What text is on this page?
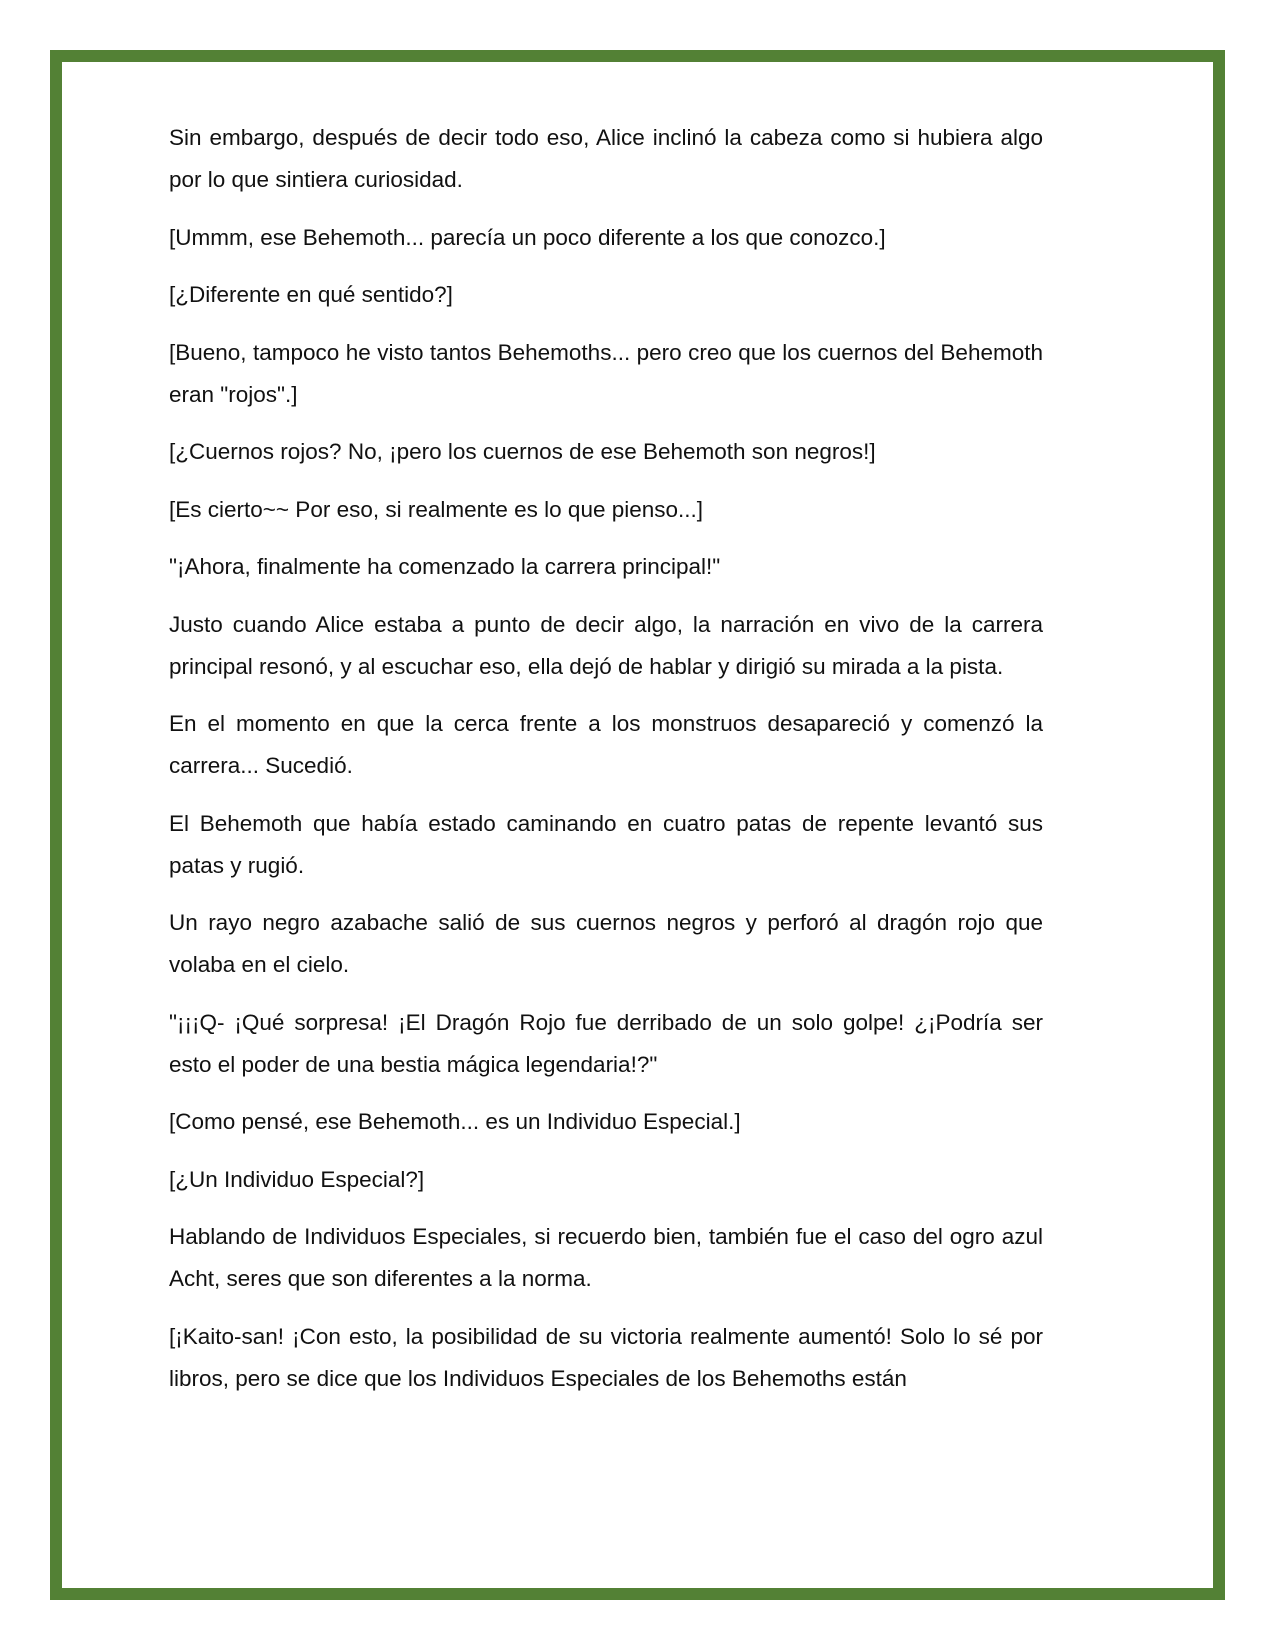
Sin embargo, después de decir todo eso, Alice inclinó la cabeza como si hubiera algo por lo que sintiera curiosidad.

[Ummm, ese Behemoth... parecía un poco diferente a los que conozco.]

[¿Diferente en qué sentido?]

[Bueno, tampoco he visto tantos Behemoths... pero creo que los cuernos del Behemoth eran "rojos".]

[¿Cuernos rojos? No, ¡pero los cuernos de ese Behemoth son negros!]

[Es cierto~~ Por eso, si realmente es lo que pienso...]

"¡Ahora, finalmente ha comenzado la carrera principal!"

Justo cuando Alice estaba a punto de decir algo, la narración en vivo de la carrera principal resonó, y al escuchar eso, ella dejó de hablar y dirigió su mirada a la pista.

En el momento en que la cerca frente a los monstruos desapareció y comenzó la carrera... Sucedió.

El Behemoth que había estado caminando en cuatro patas de repente levantó sus patas y rugió.

Un rayo negro azabache salió de sus cuernos negros y perforó al dragón rojo que volaba en el cielo.

"¡¡¡Q- ¡Qué sorpresa! ¡El Dragón Rojo fue derribado de un solo golpe! ¿¡Podría ser esto el poder de una bestia mágica legendaria!?"

[Como pensé, ese Behemoth... es un Individuo Especial.]

[¿Un Individuo Especial?]

Hablando de Individuos Especiales, si recuerdo bien, también fue el caso del ogro azul Acht, seres que son diferentes a la norma.

[¡Kaito-san! ¡Con esto, la posibilidad de su victoria realmente aumentó! Solo lo sé por libros, pero se dice que los Individuos Especiales de los Behemoths están
